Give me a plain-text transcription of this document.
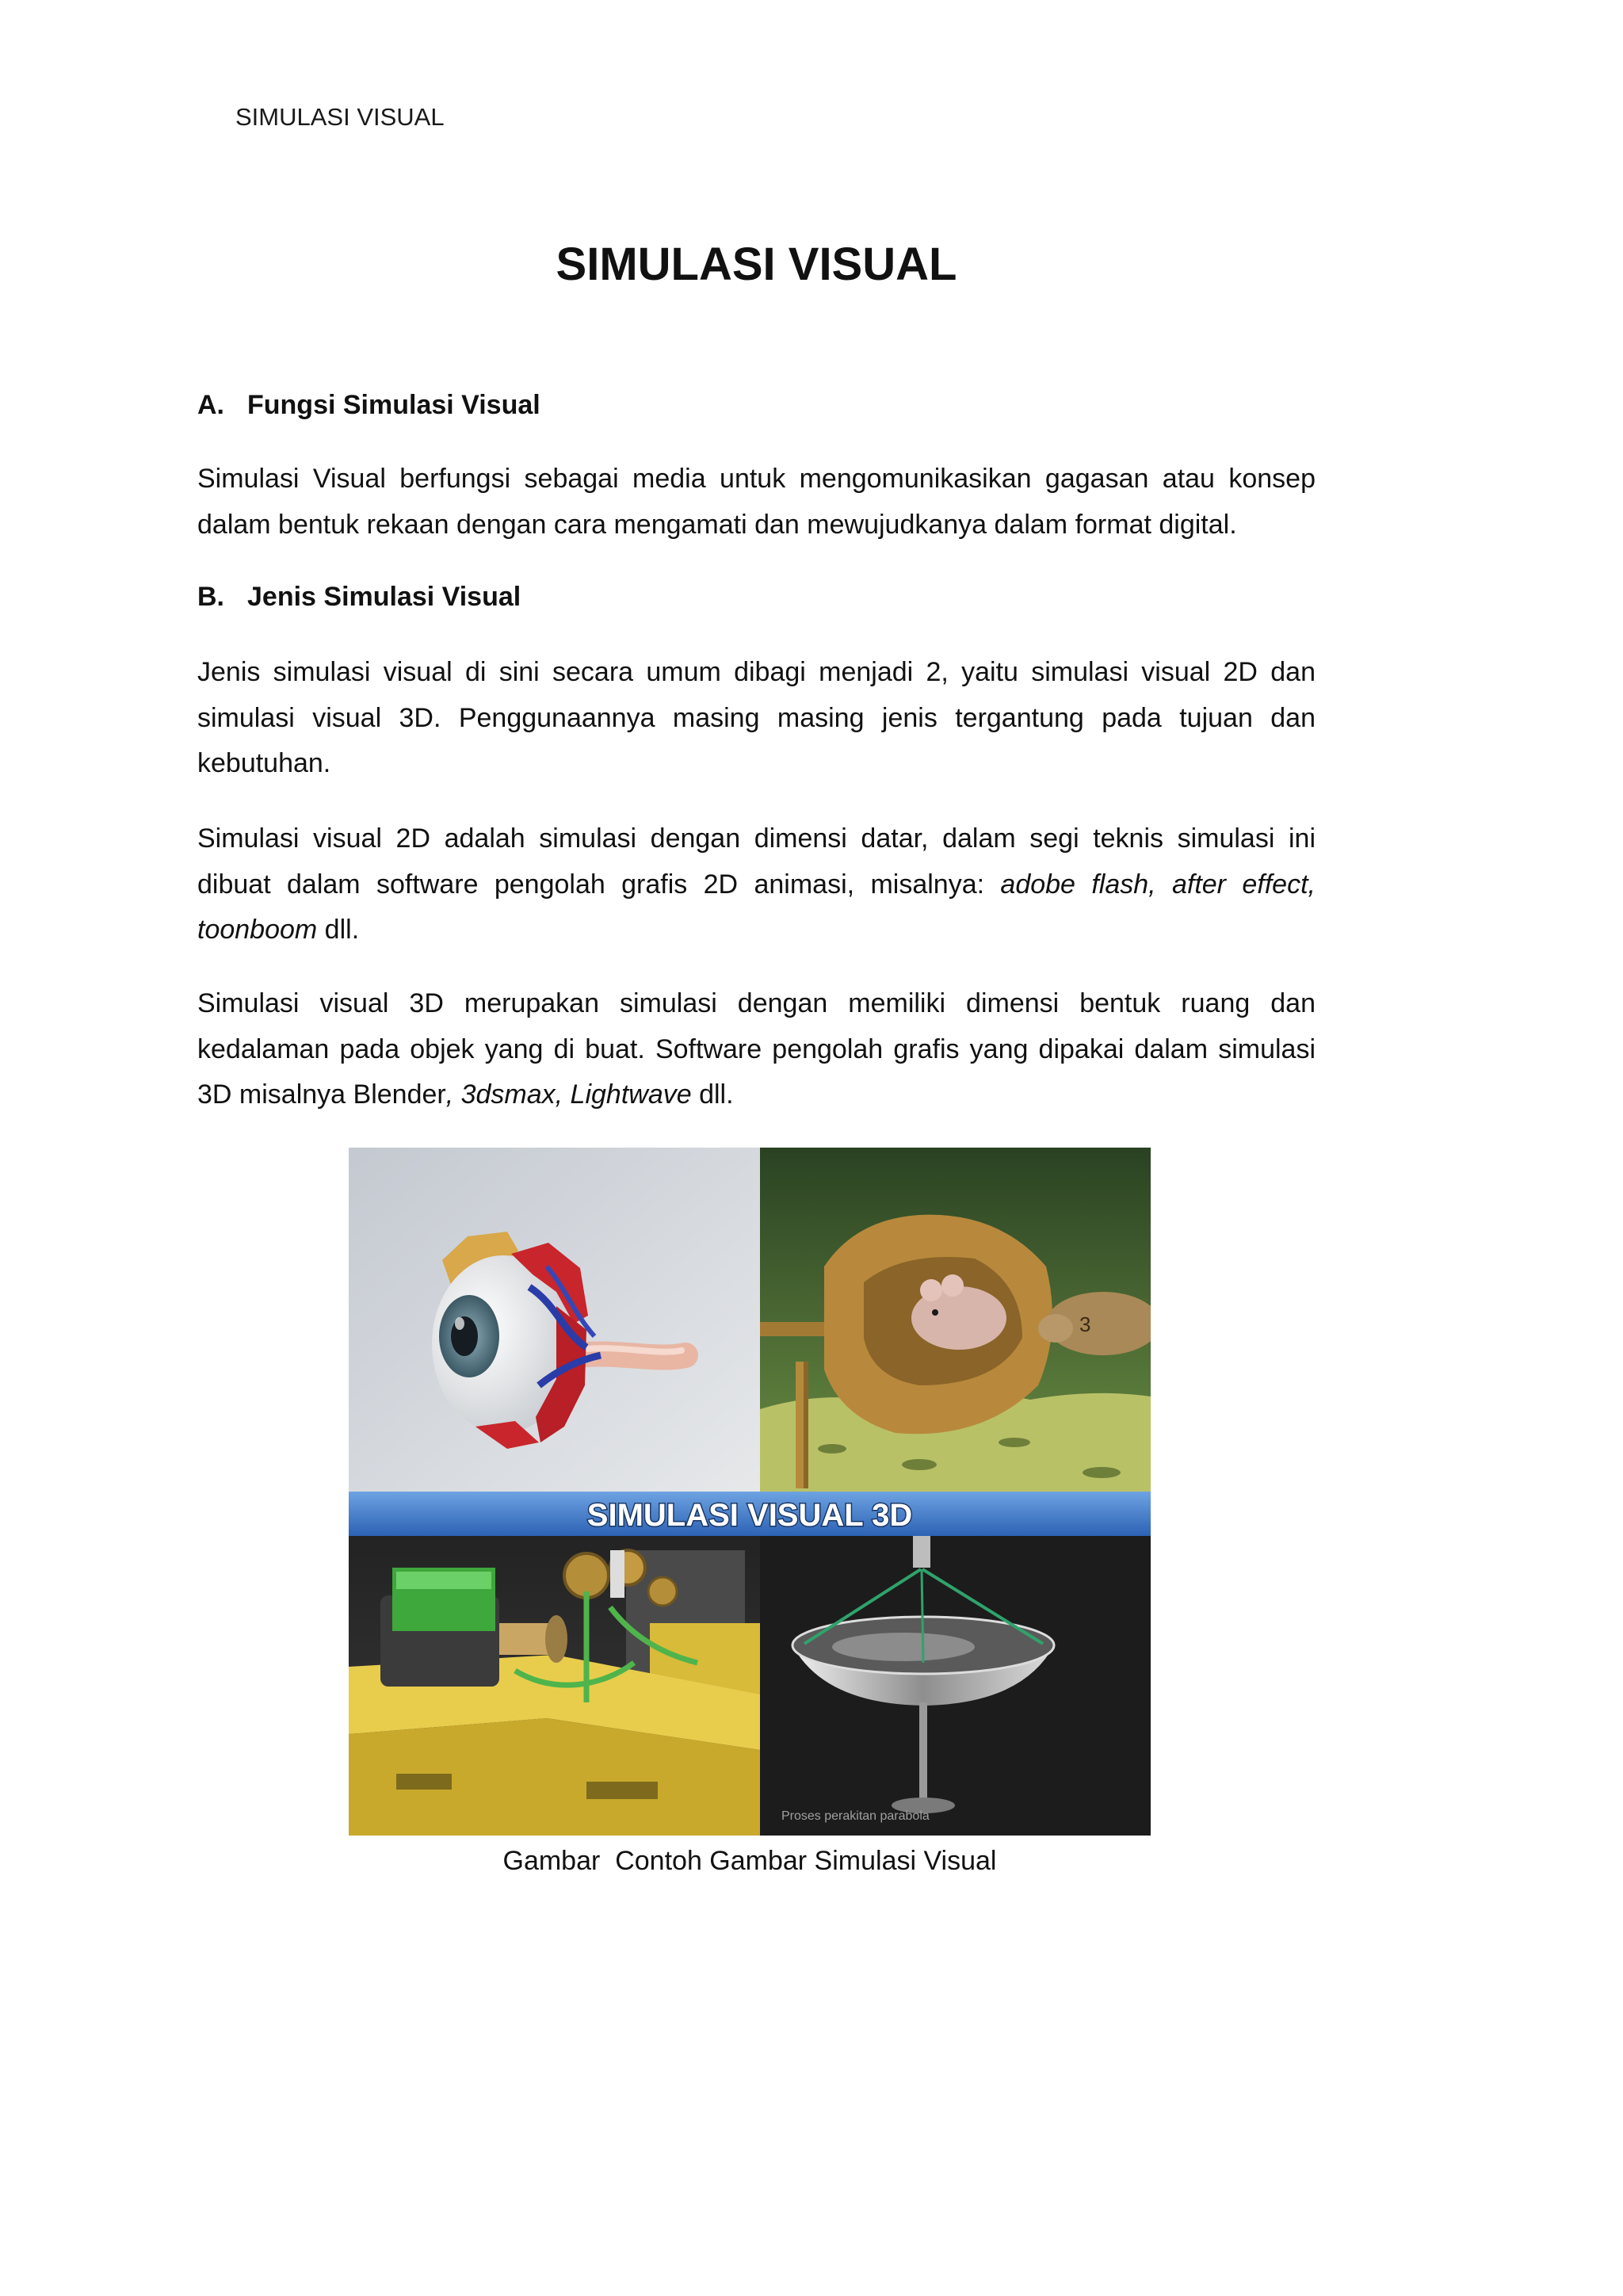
SIMULASI VISUAL
SIMULASI VISUAL
A. Fungsi Simulasi Visual

Simulasi Visual berfungsi sebagai media untuk mengomunikasikan gagasan atau konsep dalam bentuk rekaan dengan cara mengamati dan mewujudkanya dalam format digital.

B. Jenis Simulasi Visual

Jenis simulasi visual di sini secara umum dibagi menjadi 2, yaitu simulasi visual 2D dan simulasi visual 3D. Penggunaannya masing masing jenis tergantung pada tujuan dan kebutuhan.

Simulasi visual 2D adalah simulasi dengan dimensi datar, dalam segi teknis simulasi ini dibuat dalam software pengolah grafis 2D animasi, misalnya: adobe flash, after effect, toonboom dll.

Simulasi visual 3D merupakan simulasi dengan memiliki dimensi bentuk ruang dan kedalaman pada objek yang di buat. Software pengolah grafis yang dipakai dalam simulasi 3D misalnya Blender, 3dsmax, Lightwave dll.

3
SIMULASI VISUAL 3D
Proses perakitan parabola
Gambar  Contoh Gambar Simulasi Visual
